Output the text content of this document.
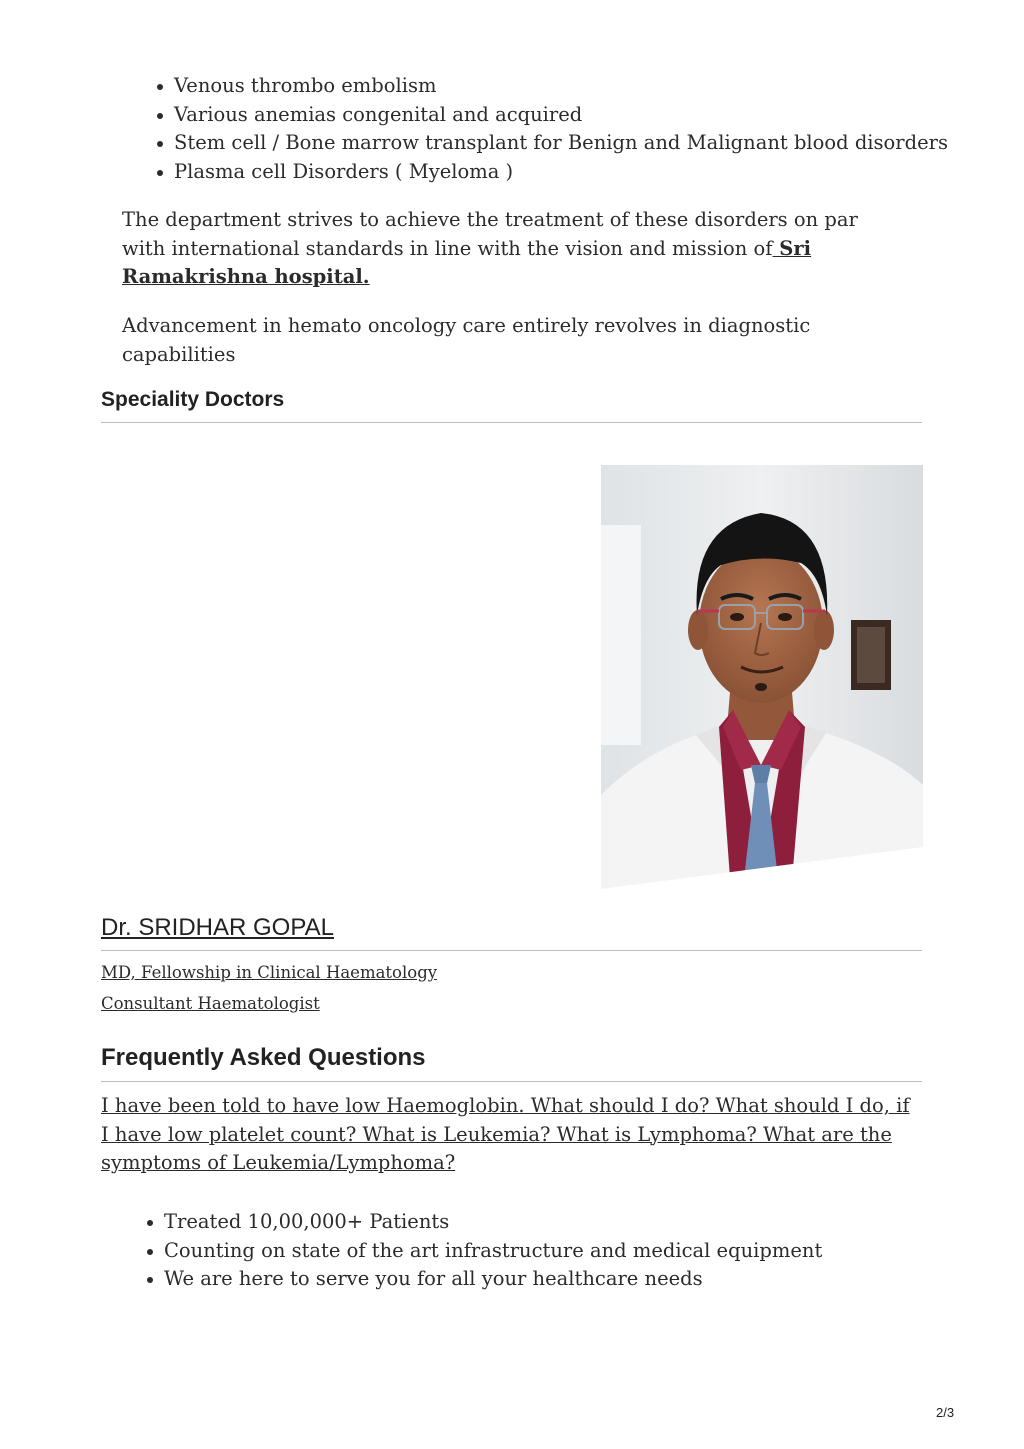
Venous thrombo embolism
Various anemias congenital and acquired
Stem cell / Bone marrow transplant for Benign and Malignant blood disorders
Plasma cell Disorders ( Myeloma )

The department strives to achieve the treatment of these disorders on par with international standards in line with the vision and mission of Sri Ramakrishna hospital.

Advancement in hemato oncology care entirely revolves in diagnostic capabilities

Speciality Doctors
Dr. SRIDHAR GOPAL
MD, Fellowship in Clinical Haematology
Consultant Haematologist
Frequently Asked Questions

I have been told to have low Haemoglobin. What should I do? What should I do, if I have low platelet count? What is Leukemia? What is Lymphoma? What are the symptoms of Leukemia/Lymphoma?

Treated 10,00,000+ Patients
Counting on state of the art infrastructure and medical equipment
We are here to serve you for all your healthcare needs
2/3
